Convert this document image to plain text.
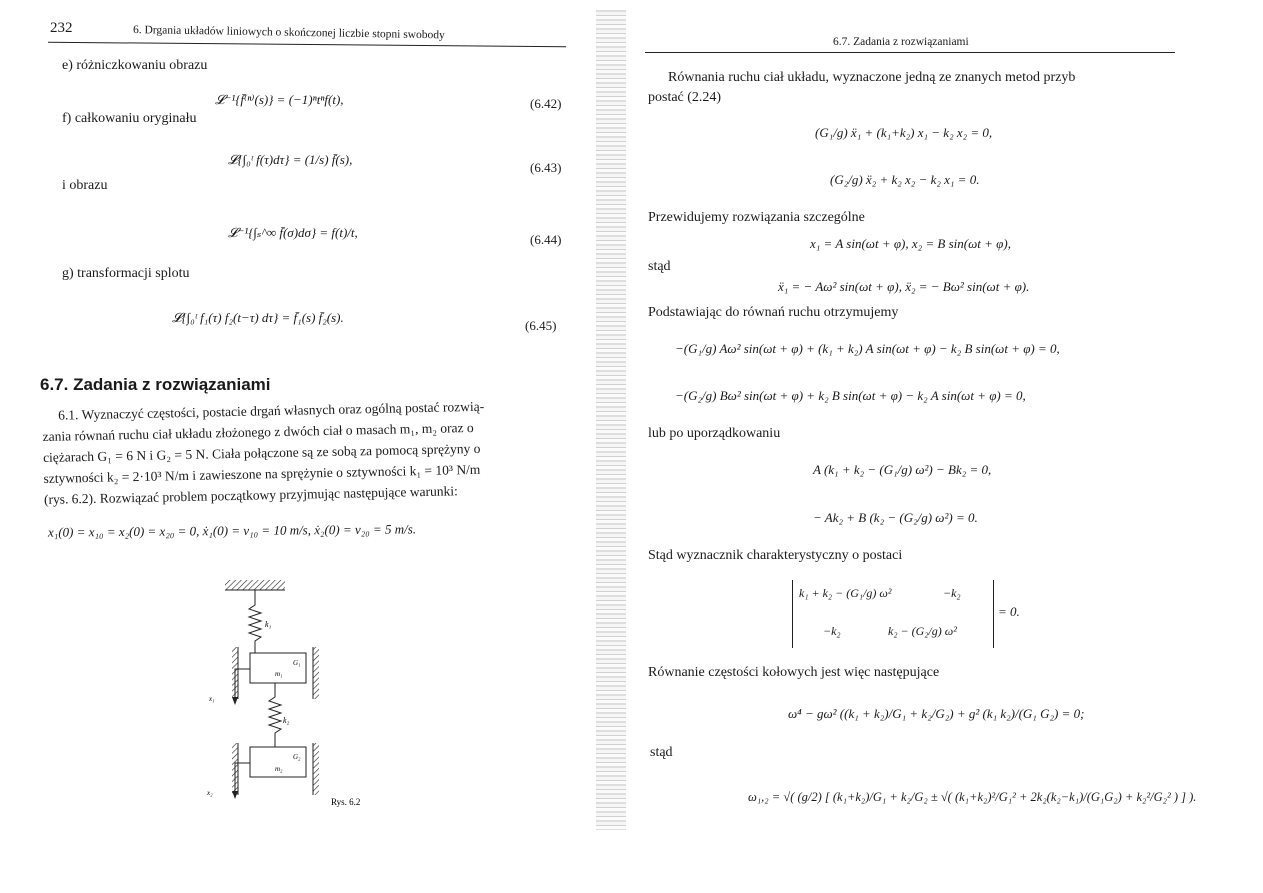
232	6. Drgania układów liniowych o skończonej liczbie stopni swobody
e) różniczkowaniu obrazu
𝓛⁻¹{f̄⁽ⁿ⁾(s)} = (−1)ⁿtⁿf(t),	(6.42)
f) całkowaniu oryginału
𝓛{∫₀ᵗ f(τ)dτ} = (1/s) f̄(s),
(6.43)
i obrazu
𝓛⁻¹{∫ₛ^∞ f̄(σ)dσ} = f(t)/t,	(6.44)
g) transformacji splotu
𝓛{∫₀ᵗ f₁(τ) f₂(t−τ) dτ} = f̄₁(s) f̄₂(s).
(6.45)
6.7. Zadania z rozwiązaniami
6.1. Wyznaczyć częstości, postacie drgań własnych oraz ogólną postać rozwią-
zania równań ruchu ciał układu złożonego z dwóch ciał o masach m₁, m₂ oraz o
ciężarach G₁ = 6 N i G₂ = 5 N. Ciała połączone są ze sobą za pomocą sprężyny o
sztywności k₂ = 2·10³ N/m i zawieszone na sprężynie o sztywności k₁ = 10³ N/m
(rys. 6.2). Rozwiązać problem początkowy przyjmując następujące warunki:
x₁(0) = x₁₀ = x₂(0) = x₂₀ = 0, ẋ₁(0) = v₁₀ = 10 m/s, ẋ₂(0) = v₂₀ = 5 m/s.
k₁
G₁
m₁
x₁
k₂
G₂
m₂
x₂
Rys. 6.2
6.7. Zadania z rozwiązaniami
Równania ruchu ciał układu, wyznaczone jedną ze znanych metod przyb
postać (2.24)
(G₁/g) ẍ₁ + (k₁+k₂) x₁ − k₂ x₂ = 0,
(G₂/g) ẍ₂ + k₂ x₂ − k₂ x₁ = 0.
Przewidujemy rozwiązania szczególne
x₁ = A sin(ωt + φ), x₂ = B sin(ωt + φ),
stąd
ẍ₁ = − Aω² sin(ωt + φ), ẍ₂ = − Bω² sin(ωt + φ).
Podstawiając do równań ruchu otrzymujemy
−(G₁/g) Aω² sin(ωt + φ) + (k₁ + k₂) A sin(ωt + φ) − k₂ B sin(ωt + φ) = 0,
−(G₂/g) Bω² sin(ωt + φ) + k₂ B sin(ωt + φ) − k₂ A sin(ωt + φ) = 0,
lub po uporządkowaniu
A (k₁ + k₂ − (G₁/g) ω²) − Bk₂ = 0,
− Ak₂ + B (k₂ − (G₂/g) ω²) = 0.
Stąd wyznacznik charakterystyczny o postaci
k₁ + k₂ − (G₁/g) ω²	−k₂
−k₂	k₂ − (G₂/g) ω²
= 0.
Równanie częstości kołowych jest więc następujące
ω⁴ − gω² ((k₁ + k₂)/G₁ + k₂/G₂) + g² (k₁ k₂)/(G₁ G₂) = 0;
stąd
ω₁,₂ = √( (g/2) [ (k₁+k₂)/G₁ + k₂/G₂ ± √( (k₁+k₂)²/G₁² + 2k₂(k₂−k₁)/(G₁G₂) + k₂²/G₂² ) ] ).
